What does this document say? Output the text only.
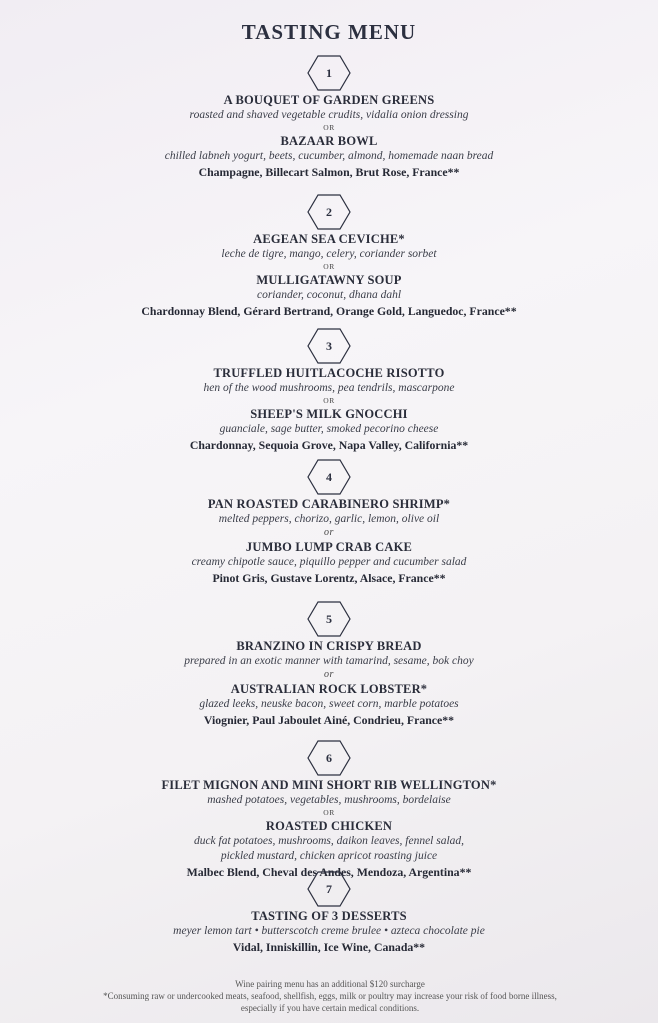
TASTING MENU
1
A BOUQUET OF GARDEN GREENS
roasted and shaved vegetable crudits, vidalia onion dressing
OR
BAZAAR BOWL
chilled labneh yogurt, beets, cucumber, almond, homemade naan bread
Champagne, Billecart Salmon, Brut Rose, France**
2
AEGEAN SEA CEVICHE*
leche de tigre, mango, celery, coriander sorbet
OR
MULLIGATAWNY SOUP
coriander, coconut, dhana dahl
Chardonnay Blend, Gérard Bertrand, Orange Gold, Languedoc, France**
3
TRUFFLED HUITLACOCHE RISOTTO
hen of the wood mushrooms, pea tendrils, mascarpone
OR
SHEEP'S MILK GNOCCHI
guanciale, sage butter, smoked pecorino cheese
Chardonnay, Sequoia Grove, Napa Valley, California**
4
PAN ROASTED CARABINERO SHRIMP*
melted peppers, chorizo, garlic, lemon, olive oil
or
JUMBO LUMP CRAB CAKE
creamy chipotle sauce, piquillo pepper and cucumber salad
Pinot Gris, Gustave Lorentz, Alsace, France**
5
BRANZINO IN CRISPY BREAD
prepared in an exotic manner with tamarind, sesame, bok choy
or
AUSTRALIAN ROCK LOBSTER*
glazed leeks, neuske bacon, sweet corn, marble potatoes
Viognier, Paul Jaboulet Ainé, Condrieu, France**
6
FILET MIGNON AND MINI SHORT RIB WELLINGTON*
mashed potatoes, vegetables, mushrooms, bordelaise
OR
ROASTED CHICKEN
duck fat potatoes, mushrooms, daikon leaves, fennel salad, pickled mustard, chicken apricot roasting juice
Malbec Blend, Cheval des Andes, Mendoza, Argentina**
7
TASTING OF 3 DESSERTS
meyer lemon tart • butterscotch creme brulee • azteca chocolate pie
Vidal, Inniskillin, Ice Wine, Canada**
Wine pairing menu has an additional $120 surcharge
*Consuming raw or undercooked meats, seafood, shellfish, eggs, milk or poultry may increase your risk of food borne illness,
especially if you have certain medical conditions.
